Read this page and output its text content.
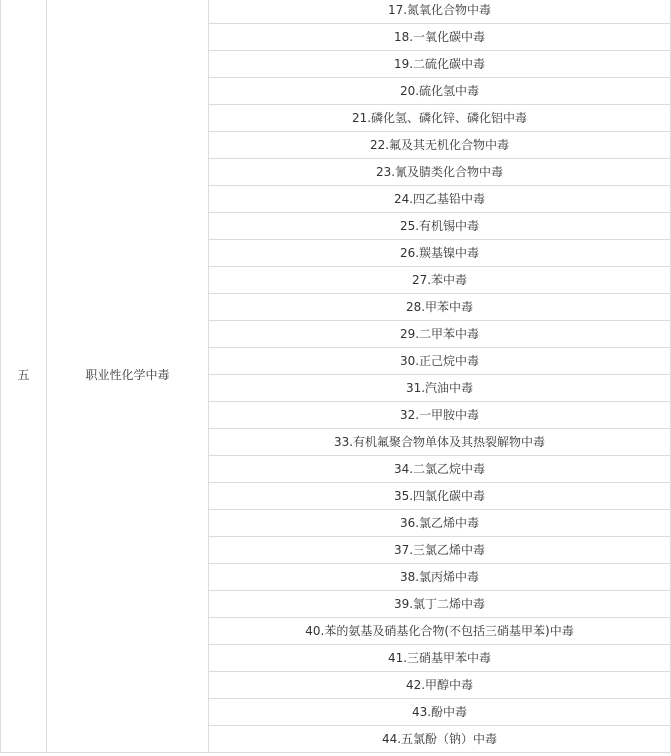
五	职业性化学中毒	17.氮氧化合物中毒
18.一氧化碳中毒
19.二硫化碳中毒
20.硫化氢中毒
21.磷化氢、磷化锌、磷化铝中毒
22.氟及其无机化合物中毒
23.氰及腈类化合物中毒
24.四乙基铅中毒
25.有机锡中毒
26.羰基镍中毒
27.苯中毒
28.甲苯中毒
29.二甲苯中毒
30.正己烷中毒
31.汽油中毒
32.一甲胺中毒
33.有机氟聚合物单体及其热裂解物中毒
34.二氯乙烷中毒
35.四氯化碳中毒
36.氯乙烯中毒
37.三氯乙烯中毒
38.氯丙烯中毒
39.氯丁二烯中毒
40.苯的氨基及硝基化合物(不包括三硝基甲苯)中毒
41.三硝基甲苯中毒
42.甲醇中毒
43.酚中毒
44.五氯酚（钠）中毒
